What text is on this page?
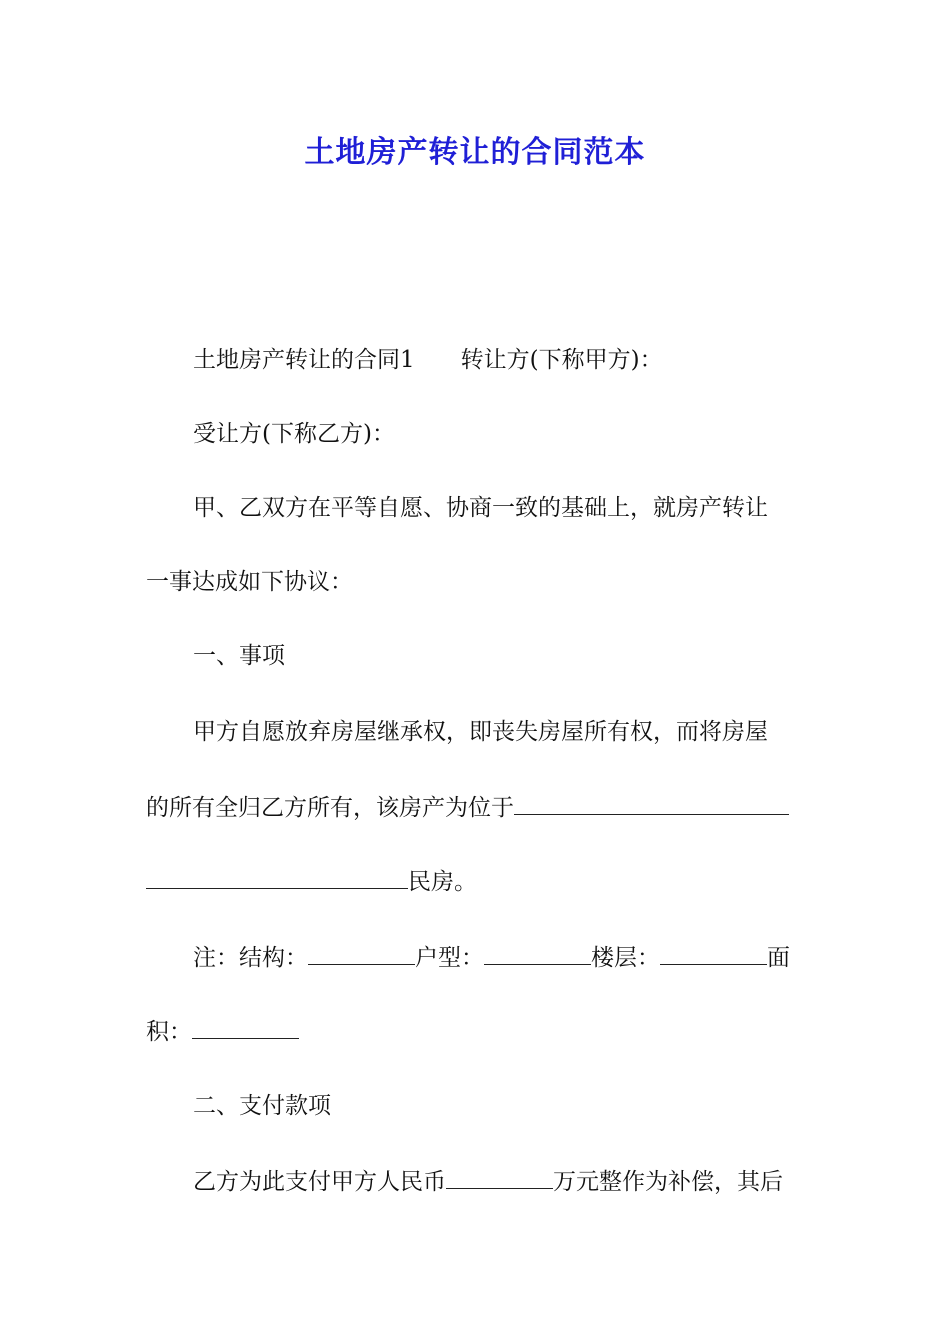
土地房产转让的合同范本
土地房产转让的合同1 转让方(下称甲方)：
受让方(下称乙方)：
甲、乙双方在平等自愿、协商一致的基础上，就房产转让
一事达成如下协议：
一、事项
甲方自愿放弃房屋继承权，即丧失房屋所有权，而将房屋
的所有全归乙方所有，该房产为位于
民房。
注：结构：	户型：	楼层：	面
积：
二、支付款项
乙方为此支付甲方人民币	万元整作为补偿，其后
